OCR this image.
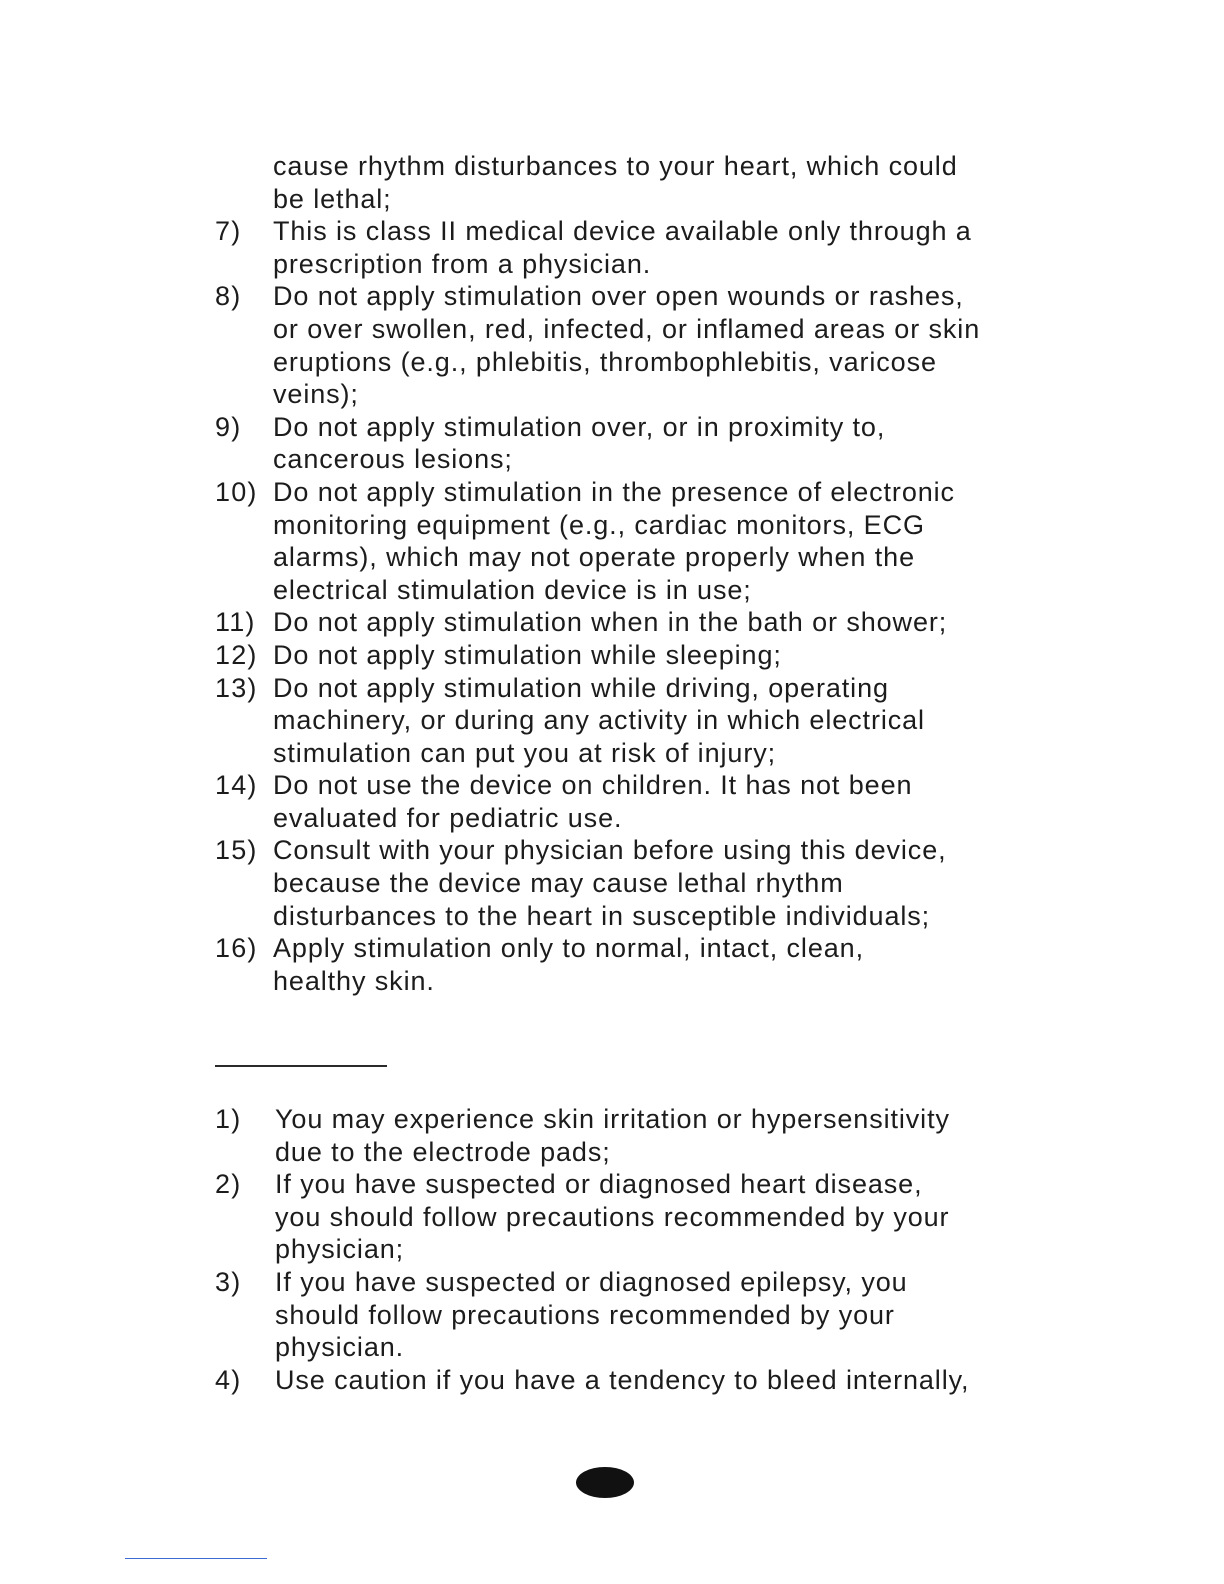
cause rhythm disturbances to your heart, which could
be lethal;
7) This is class II medical device available only through a
prescription from a physician.
8) Do not apply stimulation over open wounds or rashes,
or over swollen, red, infected, or inflamed areas or skin
eruptions (e.g., phlebitis, thrombophlebitis, varicose
veins);
9) Do not apply stimulation over, or in proximity to,
cancerous lesions;
10) Do not apply stimulation in the presence of electronic
monitoring equipment (e.g., cardiac monitors, ECG
alarms), which may not operate properly when the
electrical stimulation device is in use;
11) Do not apply stimulation when in the bath or shower;
12) Do not apply stimulation while sleeping;
13) Do not apply stimulation while driving, operating
machinery, or during any activity in which electrical
stimulation can put you at risk of injury;
14) Do not use the device on children. It has not been
evaluated for pediatric use.
15) Consult with your physician before using this device,
because the device may cause lethal rhythm
disturbances to the heart in susceptible individuals;
16) Apply stimulation only to normal, intact, clean,
healthy skin.
1) You may experience skin irritation or hypersensitivity
due to the electrode pads;
2) If you have suspected or diagnosed heart disease,
you should follow precautions recommended by your
physician;
3) If you have suspected or diagnosed epilepsy, you
should follow precautions recommended by your
physician.
4) Use caution if you have a tendency to bleed internally,
